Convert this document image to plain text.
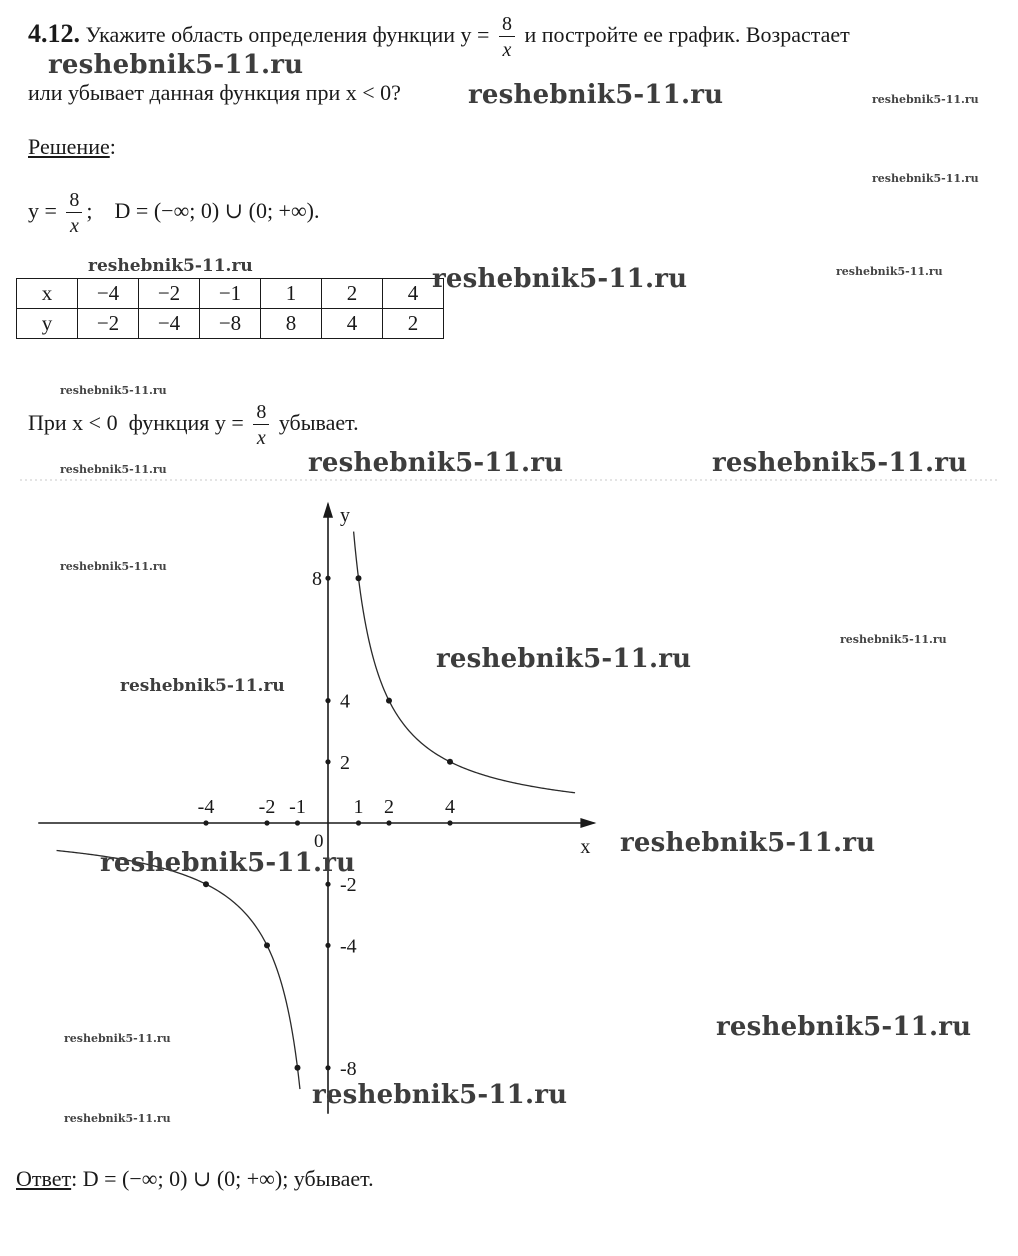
4.12. Укажите область определения функции $y = \frac{8}{x}$ и постройте ее график. Возрастает
или убывает данная функция при x < 0?
Решение:
$y = \frac{8}{x}$ ;    D = (−∞; 0) ∪ (0; +∞).
x	−4	−2	−1	1	2	4
y	−2	−4	−8	8	4	2
При x < 0  функция $y = \frac{8}{x}$ убывает.
x
y
0
-4 -2 -1 1 2	4
8
4
2
-2
-4
-8
Ответ: D = (−∞; 0) ∪ (0; +∞); убывает.
reshebnik5-11.ru
reshebnik5-11.ru	reshebnik5-11.ru
reshebnik5-11.ru
reshebnik5-11.ru	reshebnik5-11.ru	reshebnik5-11.ru
reshebnik5-11.ru
reshebnik5-11.ru	reshebnik5-11.ru	reshebnik5-11.ru
reshebnik5-11.ru
reshebnik5-11.ru
reshebnik5-11.ru
reshebnik5-11.ru
reshebnik5-11.ru
reshebnik5-11.ru
reshebnik5-11.ru
reshebnik5-11.ru
reshebnik5-11.ru
reshebnik5-11.ru
